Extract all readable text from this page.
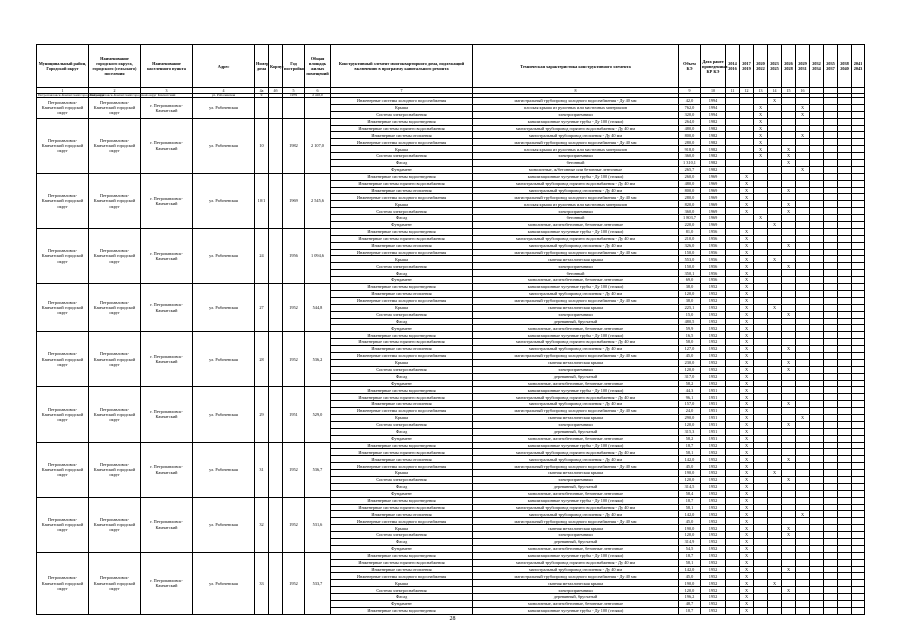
Муниципальный район, Городской округ	Наименование городского округа, городского (сельского) поселения	Наименование населенного пункта	Адрес	Номер дома	Корпус	Год постройки	Общая площадь жилых помещений	Конструктивный элемент многоквартирного дома, подлежащий включению в программу капитального ремонта	Техническая характеристика конструктивного элемента	Объем КЭ	Дата ранее проведенных КР КЭ	2014 2016	2017 2019	2020 2022	2023 2025	2026 2028	2029 2031	2032 2034	2035 2037	2038 2040	2041 2043
1	2	3	4	4а	4б	5	6	7	8	9	10	11	12	13	14	15	16				
Петропавловск-Камчатский городской округ	Петропавловск-Камчатский городской округ	Камчатский	ул. Рабочевская	9		1979	2 410,0														
Петропавловск-Камчатский городской округ	Петропавловск-Камчатский городской округ	г. Петропавловск-Камчатский	ул. Рабочевская					Инженерные системы холодного водоснабжения	магистральный трубопровод холодного водоснабжения - Ду 40 мм	42,0	1994				X						
								Крыша	плоская крыша из рулонных или мастичных материалов	762,0	1994			X			X				
								Система электроснабжения	электроприемники	320,0	1994			X			X				
Петропавловск-Камчатский городской округ	Петропавловск-Камчатский городской округ	г. Петропавловск-Камчатский	ул. Рабочевская	10		1982	2 107,0	Инженерные системы водоотведения	канализационные чугунные трубы - Ду 100 (стояки)	264,0	1982			X							
								Инженерные системы горячего водоснабжения	магистральный трубопровод горячего водоснабжения - Ду 40 мм	480,0	1982			X							
								Инженерные системы отопления	магистральный трубопровод отопления - Ду 40 мм	800,0	1982			X			X				
								Инженерные системы холодного водоснабжения	магистральный трубопровод холодного водоснабжения - Ду 40 мм	280,0	1982			X							
								Крыша	плоская крыша из рулонных или мастичных материалов	918,0	1982			X		X					
								Система электроснабжения	электроприемники	360,0	1982			X		X					
								Фасад	бетонный	1 310,1	1982					X					
								Фундамент	монолитные, ж/бетонные или бетонные ленточные	265,7	1982						X				
Петропавловск-Камчатский городской округ	Петропавловск-Камчатский городской округ	г. Петропавловск-Камчатский	ул. Рабочевская	10/1		1969	2 545,6	Инженерные системы водоотведения	канализационные чугунные трубы - Ду 100 (стояки)	260,0	1969		X								
								Инженерные системы горячего водоснабжения	магистральный трубопровод горячего водоснабжения - Ду 40 мм	480,0	1969		X								
								Инженерные системы отопления	магистральный трубопровод отопления - Ду 40 мм	800,0	1969		X			X					
								Инженерные системы холодного водоснабжения	магистральный трубопровод холодного водоснабжения - Ду 40 мм	280,0	1969		X								
								Крыша	плоская крыша из рулонных или мастичных материалов	820,0	1969		X			X					
								Система электроснабжения	электроприемники	360,0	1969		X			X					
								Фасад	бетонный	1 803,7	1969			X							
								Фундамент	монолитные, железобетонные, бетонные ленточные	220,0	1969				X						
Петропавловск-Камчатский городской округ	Петропавловск-Камчатский городской округ	г. Петропавловск-Камчатский	ул. Рабочевская	24		1956	1 094,6	Инженерные системы водоотведения	канализационные чугунные трубы - Ду 100 (стояки)	81,0	1956		X								
								Инженерные системы горячего водоснабжения	магистральный трубопровод горячего водоснабжения - Ду 40 мм	210,0	1956		X								
								Инженерные системы отопления	магистральный трубопровод отопления - Ду 40 мм	326,0	1956		X			X					
								Инженерные системы холодного водоснабжения	магистральный трубопровод холодного водоснабжения - Ду 40 мм	150,0	1956		X								
								Крыша	скатная металлическая крыша	553,0	1956		X		X						
								Система электроснабжения	электроприемники	150,0	1956		X			X					
								Фасад	бетонный	350,1	1956		X								
								Фундамент	монолитные, железобетонные, бетонные ленточные	69,0	1956		X								
Петропавловск-Камчатский городской округ	Петропавловск-Камчатский городской округ	г. Петропавловск-Камчатский	ул. Рабочевская	27		1952	544,8	Инженерные системы водоотведения	канализационные чугунные трубы - Ду 100 (стояки)	38,0	1952		X								
								Инженерные системы отопления	магистральный трубопровод отопления - Ду 40 мм	120,0	1952		X								
								Инженерные системы холодного водоснабжения	магистральный трубопровод холодного водоснабжения - Ду 40 мм	38,0	1952		X								
								Крыша	скатная металлическая крыша	225,1	1952		X		X						
								Система электроснабжения	электроприемники	15,0	1952		X			X					
								Фасад	деревянный, брусчатый	480,5	1952		X								
								Фундамент	монолитные, железобетонные, бетонные ленточные	59,9	1952		X								
Петропавловск-Камчатский городской округ	Петропавловск-Камчатский городской округ	г. Петропавловск-Камчатский	ул. Рабочевская	28		1952	536,2	Инженерные системы водоотведения	канализационные чугунные трубы - Ду 100 (стояки)	16,5	1952		X								
								Инженерные системы горячего водоснабжения	магистральный трубопровод горячего водоснабжения - Ду 40 мм	58,0	1952		X								
								Инженерные системы отопления	магистральный трубопровод отопления - Ду 40 мм	127,0	1952		X			X					
								Инженерные системы холодного водоснабжения	магистральный трубопровод холодного водоснабжения - Ду 40 мм	45,0	1952		X								
								Крыша	скатная металлическая крыша	230,0	1952		X			X					
								Система электроснабжения	электроприемники	120,0	1952		X			X					
								Фасад	деревянный, брусчатый	317,0	1952		X								
								Фундамент	монолитные, железобетонные, бетонные ленточные	58,2	1952		X								
Петропавловск-Камчатский городской округ	Петропавловск-Камчатский городской округ	г. Петропавловск-Камчатский	ул. Рабочевская	29		1951	529,0	Инженерные системы водоотведения	канализационные чугунные трубы - Ду 100 (стояки)	44,3	1951		X								
								Инженерные системы горячего водоснабжения	магистральный трубопровод горячего водоснабжения - Ду 40 мм	96,1	1951		X								
								Инженерные системы отопления	магистральный трубопровод отопления - Ду 40 мм	157,0	1951		X			X					
								Инженерные системы холодного водоснабжения	магистральный трубопровод холодного водоснабжения - Ду 40 мм	24,0	1951		X								
								Крыша	скатная металлическая крыша	290,0	1951		X				X				
								Система электроснабжения	электроприемники	120,0	1951		X			X					
								Фасад	деревянный, брусчатый	315,3	1951		X								
								Фундамент	монолитные, железобетонные, бетонные ленточные	58,2	1951		X								
Петропавловск-Камчатский городской округ	Петропавловск-Камчатский городской округ	г. Петропавловск-Камчатский	ул. Рабочевская	31		1952	536,7	Инженерные системы водоотведения	канализационные чугунные трубы - Ду 100 (стояки)	18,7	1952		X								
								Инженерные системы горячего водоснабжения	магистральный трубопровод горячего водоснабжения - Ду 40 мм	58,1	1952		X								
								Инженерные системы отопления	магистральный трубопровод отопления - Ду 40 мм	142,0	1952		X			X					
								Инженерные системы холодного водоснабжения	магистральный трубопровод холодного водоснабжения - Ду 40 мм	45,0	1952		X								
								Крыша	скатная металлическая крыша	190,0	1952		X		X						
								Система электроснабжения	электроприемники	120,0	1952		X			X					
								Фасад	деревянный, брусчатый	314,5	1952		X								
								Фундамент	монолитные, железобетонные, бетонные ленточные	58,4	1952		X								
Петропавловск-Камчатский городской округ	Петропавловск-Камчатский городской округ	г. Петропавловск-Камчатский	ул. Рабочевская	32		1952	531,6	Инженерные системы водоотведения	канализационные чугунные трубы - Ду 100 (стояки)	18,7	1952		X								
								Инженерные системы горячего водоснабжения	магистральный трубопровод горячего водоснабжения - Ду 40 мм	58,1	1952		X								
								Инженерные системы отопления	магистральный трубопровод отопления - Ду 40 мм	142,0	1952		X				X				
								Инженерные системы холодного водоснабжения	магистральный трубопровод холодного водоснабжения - Ду 40 мм	45,0	1952		X								
								Крыша	скатная металлическая крыша	190,0	1952		X			X					
								Система электроснабжения	электроприемники	120,0	1952		X			X					
								Фасад	деревянный, брусчатый	314,9	1952		X								
								Фундамент	монолитные, железобетонные, бетонные ленточные	54,5	1952		X								
Петропавловск-Камчатский городской округ	Петропавловск-Камчатский городской округ	г. Петропавловск-Камчатский	ул. Рабочевская	33		1952	533,7	Инженерные системы водоотведения	канализационные чугунные трубы - Ду 100 (стояки)	18,7	1952		X								
								Инженерные системы горячего водоснабжения	магистральный трубопровод горячего водоснабжения - Ду 40 мм	58,1	1952		X								
								Инженерные системы отопления	магистральный трубопровод отопления - Ду 40 мм	142,0	1952		X			X					
								Инженерные системы холодного водоснабжения	магистральный трубопровод холодного водоснабжения - Ду 40 мм	45,0	1952		X								
								Крыша	скатная металлическая крыша	190,0	1952		X		X						
								Система электроснабжения	электроприемники	120,0	1952		X			X					
								Фасад	деревянный, брусчатый	196,2	1952		X								
								Фундамент	монолитные, железобетонные, бетонные ленточные	48,7	1952		X								
								Инженерные системы водоотведения	канализационные чугунные трубы - Ду 100 (стояки)	18,7	1952		X								
28
